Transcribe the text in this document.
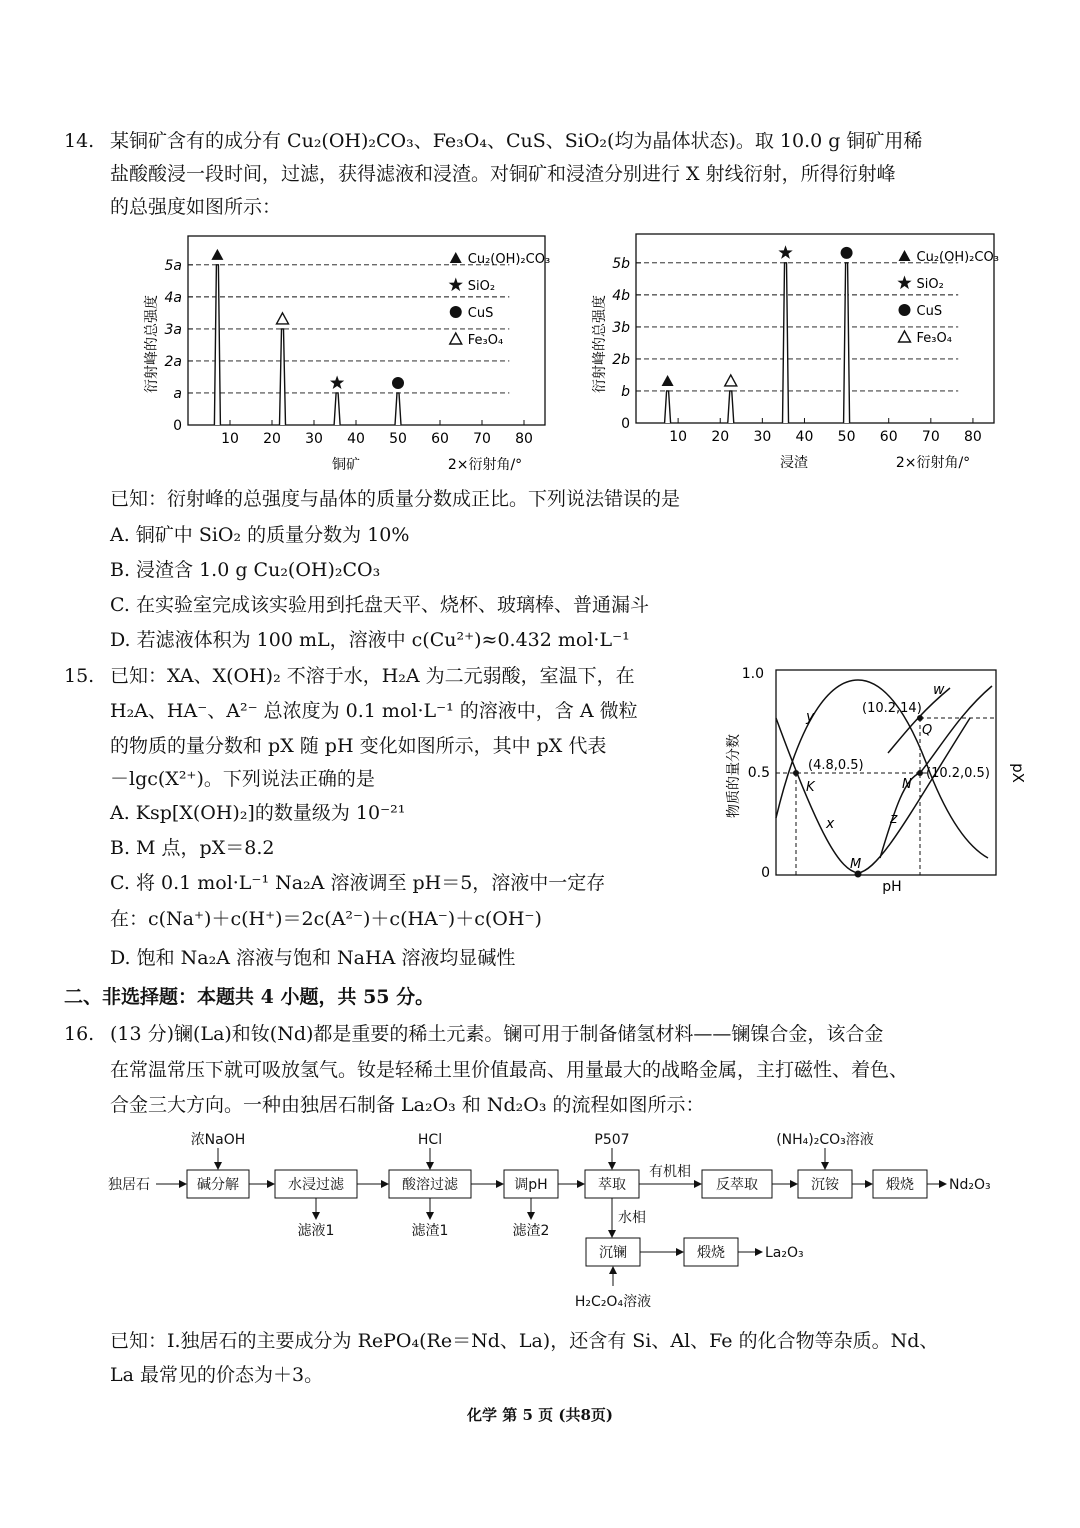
14. 某铜矿含有的成分有 Cu₂(OH)₂CO₃、Fe₃O₄、CuS、SiO₂(均为晶体状态)。取 10.0 g 铜矿用稀
盐酸酸浸一段时间，过滤，获得滤液和浸渣。对铜矿和浸渣分别进行 X 射线衍射，所得衍射峰
的总强度如图所示：
衍射峰的总强度
0
a
2a
3a
4a
5a
10 20 30 40 50 60 70 80
Cu₂(OH)₂CO₃
SiO₂
CuS
Fe₃O₄
铜矿	2×衍射角/°
衍射峰的总强度
0
b
2b
3b
4b
5b
10 20 30 40 50 60 70 80
Cu₂(OH)₂CO₃
SiO₂
CuS
Fe₃O₄
浸渣	2×衍射角/°
已知：衍射峰的总强度与晶体的质量分数成正比。下列说法错误的是
A. 铜矿中 SiO₂ 的质量分数为 10%
B. 浸渣含 1.0 g Cu₂(OH)₂CO₃
C. 在实验室完成该实验用到托盘天平、烧杯、玻璃棒、普通漏斗
D. 若滤液体积为 100 mL，溶液中 c(Cu²⁺)≈0.432 mol·L⁻¹
15. 已知：XA、X(OH)₂ 不溶于水，H₂A 为二元弱酸，室温下，在
H₂A、HA⁻、A²⁻ 总浓度为 0.1 mol·L⁻¹ 的溶液中，含 A 微粒
的物质的量分数和 pX 随 pH 变化如图所示，其中 pX 代表
－lgc(X²⁺)。下列说法正确的是
A. Ksp[X(OH)₂]的数量级为 10⁻²¹
B. M 点，pX＝8.2
C. 将 0.1 mol·L⁻¹ Na₂A 溶液调至 pH＝5，溶液中一定存
在：c(Na⁺)＋c(H⁺)＝2c(A²⁻)＋c(HA⁻)＋c(OH⁻)
D. 饱和 Na₂A 溶液与饱和 NaHA 溶液均显碱性
1.0
0.5
0
物质的量分数	pX
(4.8,0.5)
K
(10.2,0.5)
N
(10.2,14)
Q
M
x
y
z
w
pH
二、非选择题：本题共 4 小题，共 55 分。
16. (13 分)镧(La)和钕(Nd)都是重要的稀土元素。镧可用于制备储氢材料——镧镍合金，该合金
在常温常压下就可吸放氢气。钕是轻稀土里价值最高、用量最大的战略金属，主打磁性、着色、
合金三大方向。一种由独居石制备 La₂O₃ 和 Nd₂O₃ 的流程如图所示：
独居石	碱分解
浓NaOH
水浸过滤
滤液1
酸溶过滤
HCl
滤渣1
调pH
滤渣2
萃取
P507
有机相
反萃取	沉铵
(NH₄)₂CO₃溶液
煅烧	Nd₂O₃
水相
沉镧
H₂C₂O₄溶液
煅烧	La₂O₃
已知：Ⅰ.独居石的主要成分为 RePO₄(Re＝Nd、La)，还含有 Si、Al、Fe 的化合物等杂质。Nd、
La 最常见的价态为＋3。
化学 第 5 页 (共8页)
